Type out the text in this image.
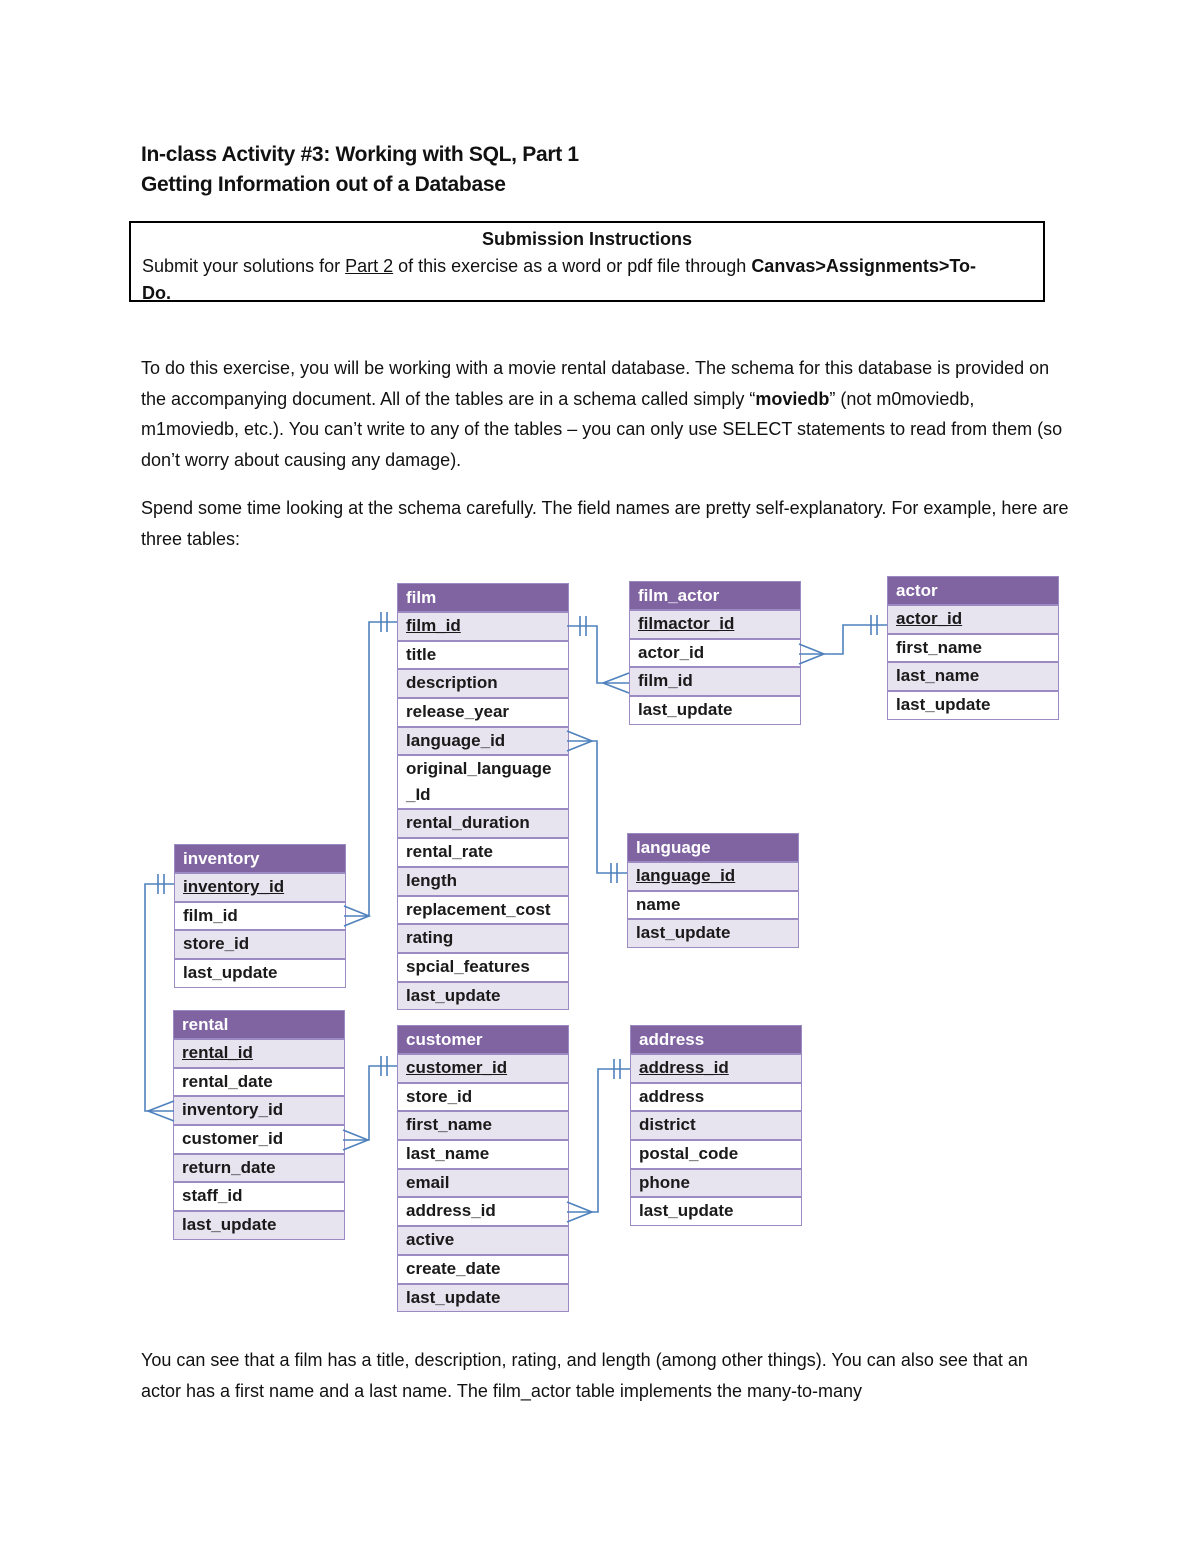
In-class Activity #3: Working with SQL, Part 1
Getting Information out of a Database
Submission Instructions
Submit your solutions for Part 2 of this exercise as a word or pdf file through Canvas>Assignments>To-
Do.

To do this exercise, you will be working with a movie rental database. The schema for this database is provided on the accompanying document. All of the tables are in a schema called simply “moviedb” (not m0moviedb, m1moviedb, etc.). You can’t write to any of the tables – you can only use SELECT statements to read from them (so don’t worry about causing any damage).

Spend some time looking at the schema carefully. The field names are pretty self-explanatory. For example, here are three tables:

film
film_id
title
description
release_year
language_id
original_language
_Id
rental_duration
rental_rate
length
replacement_cost
rating
spcial_features
last_update
film_actor
filmactor_id
actor_id
film_id
last_update
actor
actor_id
first_name
last_name
last_update
language
language_id
name
last_update
inventory
inventory_id
film_id
store_id
last_update
rental
rental_id
rental_date
inventory_id
customer_id
return_date
staff_id
last_update
customer
customer_id
store_id
first_name
last_name
email
address_id
active
create_date
last_update
address
address_id
address
district
postal_code
phone
last_update

You can see that a film has a title, description, rating, and length (among other things). You can also see that an actor has a first name and a last name. The film_actor table implements the many-to-many
